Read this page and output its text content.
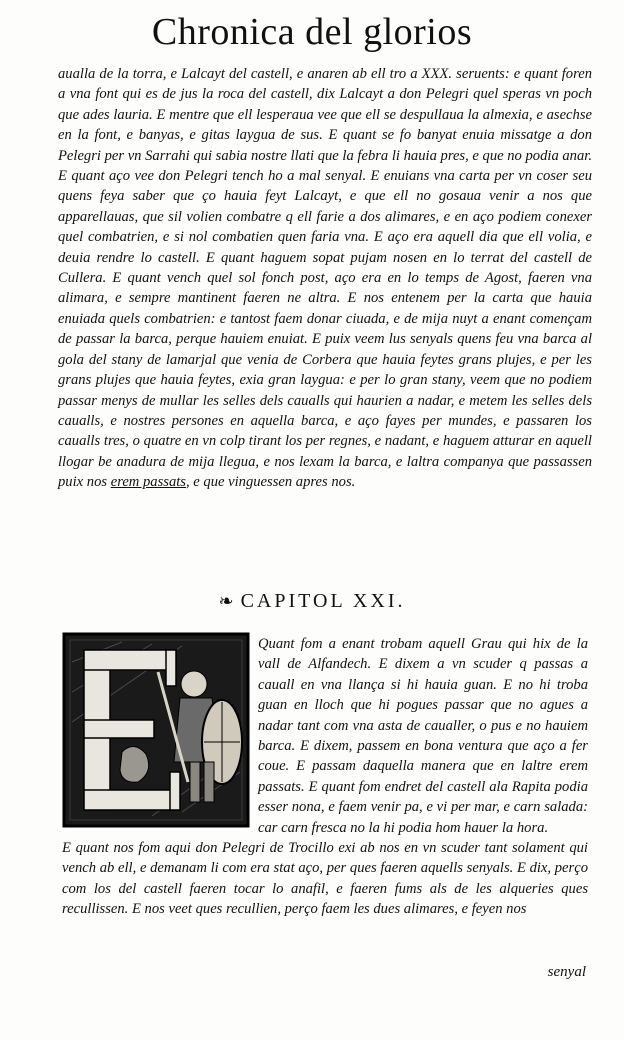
Chronica del glorios

aualla de la torra, e Lalcayt del castell, e anaren ab ell tro a XXX. seruents: e quant foren a vna font qui es de jus la roca del castell, dix Lalcayt a don Pelegri quel speras vn poch que ades lauria. E mentre que ell lesperaua vee que ell se despullaua la almexia, e asechse en la font, e banyas, e gitas laygua de sus. E quant se fo banyat enuia missatge a don Pelegri per vn Sarrahi qui sabia nostre llati que la febra li hauia pres, e que no podia anar. E quant aço vee don Pelegri tench ho a mal senyal. E enuians vna carta per vn coser seu quens feya saber que ço hauia feyt Lalcayt, e que ell no gosaua venir a nos que apparellauas, que sil volien combatre q ell farie a dos alimares, e en aço podiem conexer quel combatrien, e si nol combatien quen faria vna. E aço era aquell dia que ell volia, e deuia rendre lo castell. E quant haguem sopat pujam nosen en lo terrat del castell de Cullera. E quant vench quel sol fonch post, aço era en lo temps de Agost, faeren vna alimara, e sempre mantinent faeren ne altra. E nos entenem per la carta que hauia enuiada quels combatrien: e tantost faem donar ciuada, e de mija nuyt a enant començam de passar la barca, perque hauiem enuiat. E puix veem lus senyals quens feu vna barca al gola del stany de lamarjal que venia de Corbera que hauia feytes grans plujes, e per les grans plujes que hauia feytes, exia gran laygua: e per lo gran stany, veem que no podiem passar menys de mullar les selles dels caualls qui haurien a nadar, e metem les selles dels caualls, e nostres persones en aquella barca, e aço fayes per mundes, e passaren los caualls tres, o quatre en vn colp tirant los per regnes, e nadant, e haguem atturar en aquell llogar be anadura de mija llegua, e nos lexam la barca, e laltra companya que passassen puix nos erem passats, e que vinguessen apres nos.

❧ CAPITOL XXI.
Quant fom a enant trobam aquell Grau qui hix de la vall de Alfandech. E dixem a vn scuder q passas a cauall en vna llança si hi hauia guan. E no hi troba guan en lloch que hi pogues passar que no agues a nadar tant com vna asta de caualler, o pus e no hauiem barca. E dixem, passem en bona ventura que aço a fer coue. E passam daquella manera que en laltre erem passats. E quant fom endret del castell ala Rapita podia esser nona, e faem venir pa, e vi per mar, e carn salada: car carn fresca no la hi podia hom hauer la hora.
E quant nos fom aqui don Pelegri de Trocillo exi ab nos en vn scuder tant solament qui vench ab ell, e demanam li com era stat aço, per ques faeren aquells senyals. E dix, perço com los del castell faeren tocar lo anafil, e faeren fums als de les alqueries ques recullissen. E nos veet ques recullien, perço faem les dues alimares, e feyen nos
senyal
